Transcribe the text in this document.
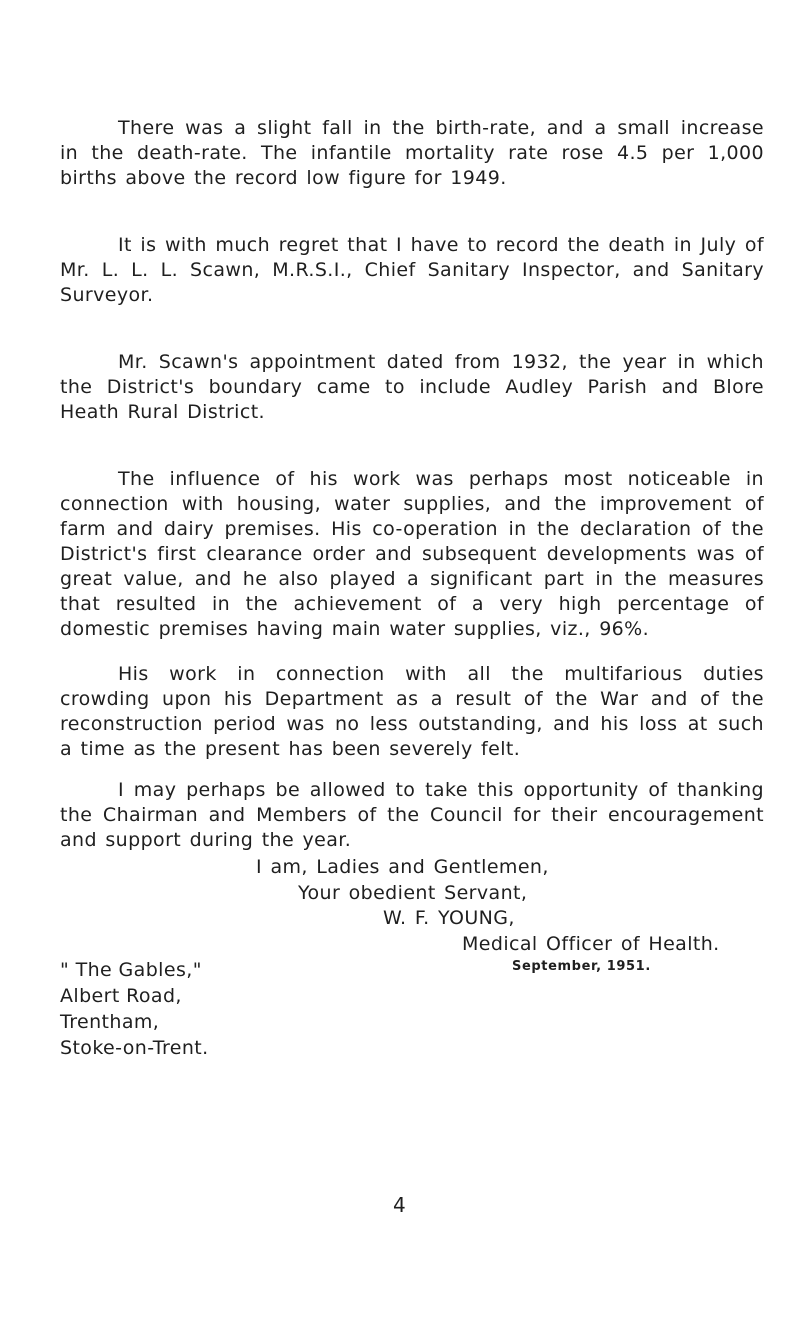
There was a slight fall in the birth-rate, and a small increase in the death-rate. The infantile mortality rate rose 4.5 per 1,000 births above the record low figure for 1949.

It is with much regret that I have to record the death in July of Mr. L. L. L. Scawn, M.R.S.I., Chief Sanitary Inspector, and Sanitary Surveyor.

Mr. Scawn's appointment dated from 1932, the year in which the District's boundary came to include Audley Parish and Blore Heath Rural District.

The influence of his work was perhaps most noticeable in connection with housing, water supplies, and the improvement of farm and dairy premises. His co-operation in the declaration of the District's first clearance order and subsequent developments was of great value, and he also played a significant part in the measures that resulted in the achievement of a very high percentage of domestic premises having main water supplies, viz., 96%.

His work in connection with all the multifarious duties crowding upon his Department as a result of the War and of the reconstruction period was no less outstanding, and his loss at such a time as the present has been severely felt.

I may perhaps be allowed to take this opportunity of thanking the Chairman and Members of the Council for their encouragement and support during the year.

I am, Ladies and Gentlemen,

Your obedient Servant,

W. F. YOUNG,

Medical Officer of Health.

September, 1951.

" The Gables,"

Albert Road,

Trentham,

Stoke-on-Trent.

4
